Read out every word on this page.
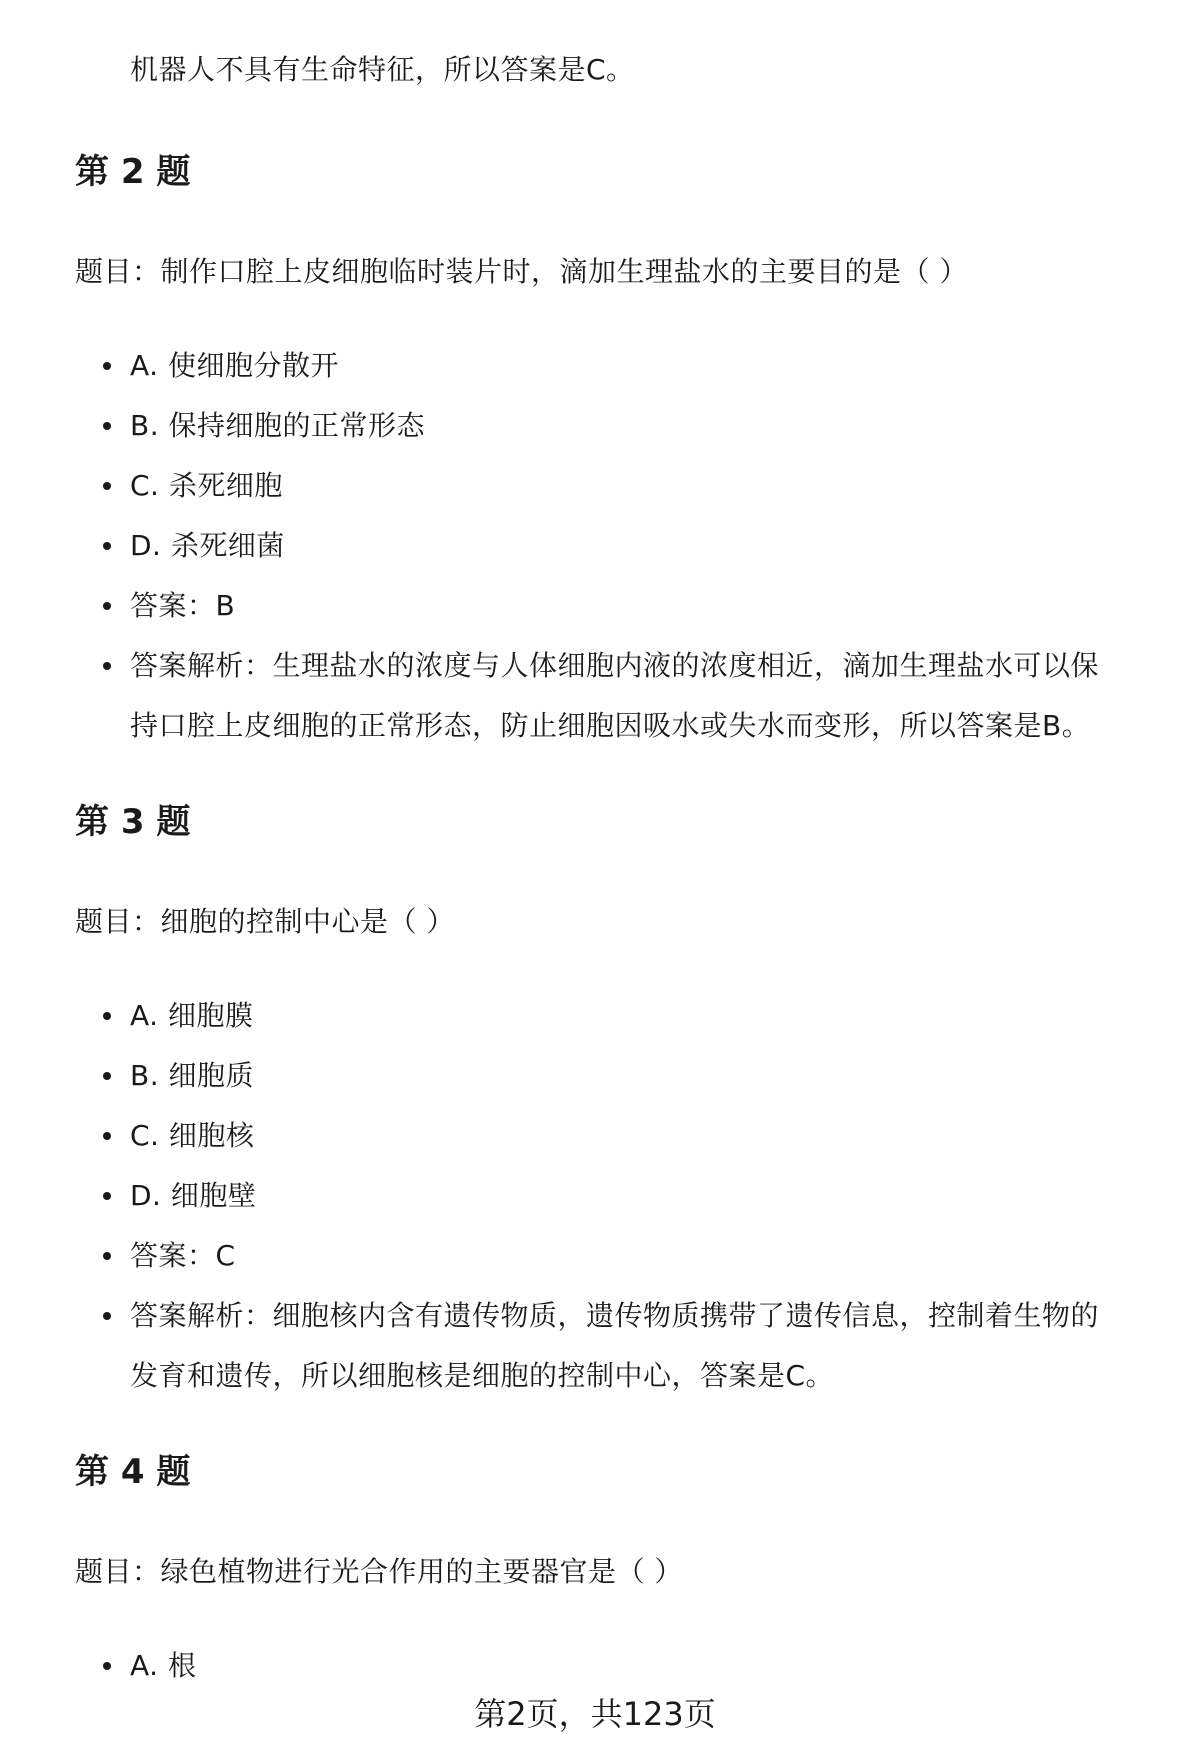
机器人不具有生命特征，所以答案是C。
第 2 题
题目：制作口腔上皮细胞临时装片时，滴加生理盐水的主要目的是（ ）
A. 使细胞分散开
B. 保持细胞的正常形态
C. 杀死细胞
D. 杀死细菌
答案：B
答案解析：生理盐水的浓度与人体细胞内液的浓度相近，滴加生理盐水可以保
持口腔上皮细胞的正常形态，防止细胞因吸水或失水而变形，所以答案是B。
第 3 题
题目：细胞的控制中心是（ ）
A. 细胞膜
B. 细胞质
C. 细胞核
D. 细胞壁
答案：C
答案解析：细胞核内含有遗传物质，遗传物质携带了遗传信息，控制着生物的
发育和遗传，所以细胞核是细胞的控制中心，答案是C。
第 4 题
题目：绿色植物进行光合作用的主要器官是（ ）
A. 根
第2页，共123页
